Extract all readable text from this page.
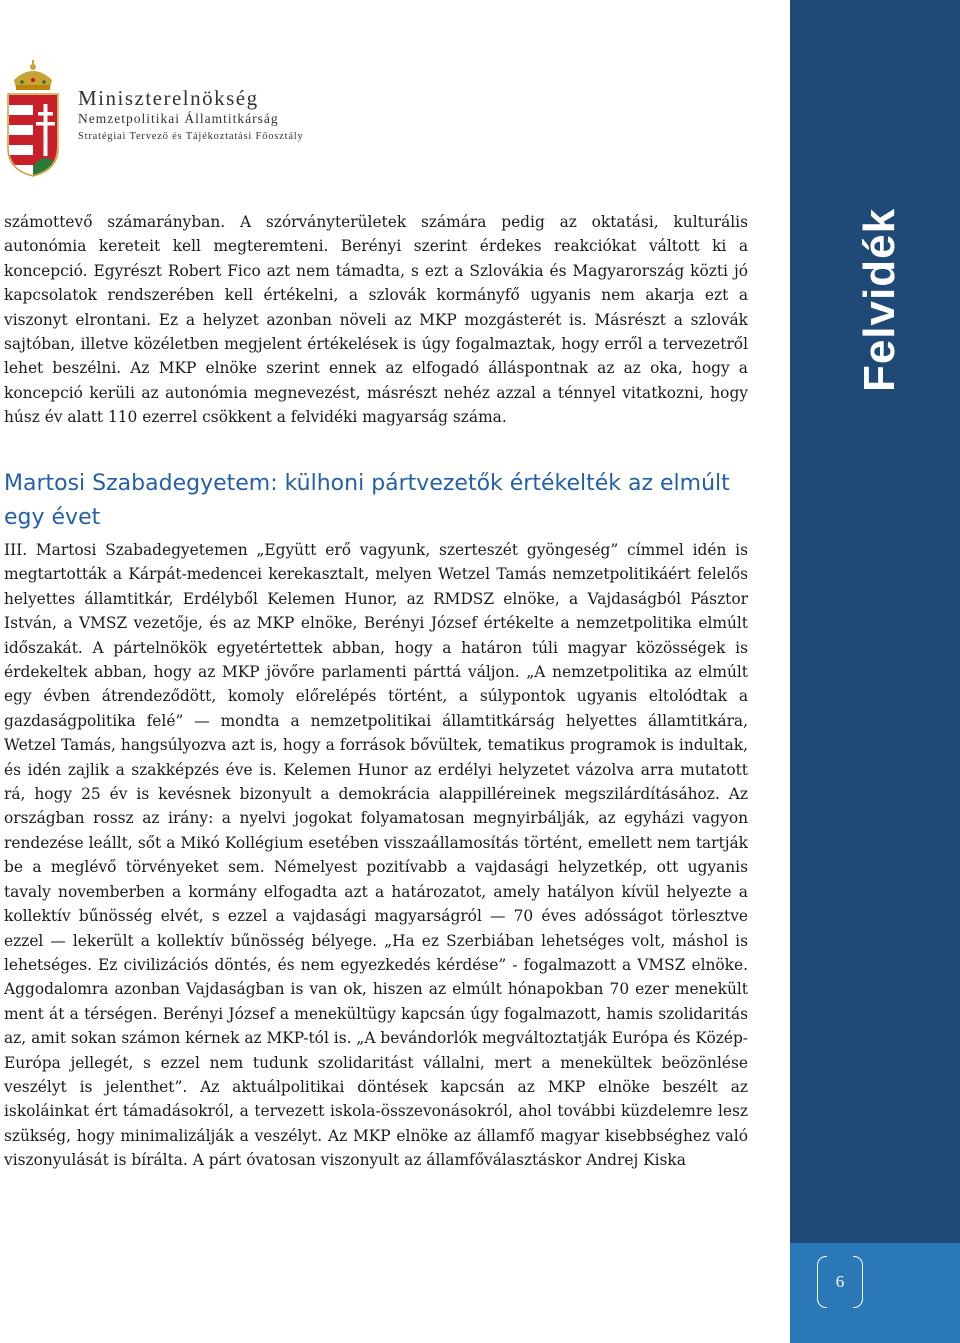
Felvidék
6
Miniszterelnökség
Nemzetpolitikai Államtitkárság
Stratégiai Tervező és Tájékoztatási Főosztály

számottevő számarányban. A szórványterületek számára pedig az oktatási, kulturális autonómia kereteit kell megteremteni. Berényi szerint érdekes reakciókat váltott ki a koncepció. Egyrészt Robert Fico azt nem támadta, s ezt a Szlovákia és Magyarország közti jó kapcsolatok rendszerében kell értékelni, a szlovák kormányfő ugyanis nem akarja ezt a viszonyt elrontani. Ez a helyzet azonban növeli az MKP mozgásterét is. Másrészt a szlovák sajtóban, illetve közéletben megjelent értékelések is úgy fogalmaztak, hogy erről a tervezetről lehet beszélni. Az MKP elnöke szerint ennek az elfogadó álláspontnak az az oka, hogy a koncepció kerüli az autonómia megnevezést, másrészt nehéz azzal a ténnyel vitatkozni, hogy húsz év alatt 110 ezerrel csökkent a felvidéki magyarság száma.

Martosi Szabadegyetem: külhoni pártvezetők értékelték az elmúlt egy évet

III. Martosi Szabadegyetemen „Együtt erő vagyunk, szerteszét gyöngeség” címmel idén is megtartották a Kárpát-medencei kerekasztalt, melyen Wetzel Tamás nemzetpolitikáért felelős helyettes államtitkár, Erdélyből Kelemen Hunor, az RMDSZ elnöke, a Vajdaságból Pásztor István, a VMSZ vezetője, és az MKP elnöke, Berényi József értékelte a nemzetpolitika elmúlt időszakát. A pártelnökök egyetértettek abban, hogy a határon túli magyar közösségek is érdekeltek abban, hogy az MKP jövőre parlamenti párttá váljon. „A nemzetpolitika az elmúlt egy évben átrendeződött, komoly előrelépés történt, a súlypontok ugyanis eltolódtak a gazdaságpolitika felé” — mondta a nemzetpolitikai államtitkárság helyettes államtitkára, Wetzel Tamás, hangsúlyozva azt is, hogy a források bővültek, tematikus programok is indultak, és idén zajlik a szakképzés éve is. Kelemen Hunor az erdélyi helyzetet vázolva arra mutatott rá, hogy 25 év is kevésnek bizonyult a demokrácia alappilléreinek megszilárdításához. Az országban rossz az irány: a nyelvi jogokat folyamatosan megnyirbálják, az egyházi vagyon rendezése leállt, sőt a Mikó Kollégium esetében visszaállamosítás történt, emellett nem tartják be a meglévő törvényeket sem. Némelyest pozitívabb a vajdasági helyzetkép, ott ugyanis tavaly novemberben a kormány elfogadta azt a határozatot, amely hatályon kívül helyezte a kollektív bűnösség elvét, s ezzel a vajdasági magyarságról — 70 éves adósságot törlesztve ezzel — lekerült a kollektív bűnösség bélyege. „Ha ez Szerbiában lehetséges volt, máshol is lehetséges. Ez civilizációs döntés, és nem egyezkedés kérdése” - fogalmazott a VMSZ elnöke. Aggodalomra azonban Vajdaságban is van ok, hiszen az elmúlt hónapokban 70 ezer menekült ment át a térségen. Berényi József a menekültügy kapcsán úgy fogalmazott, hamis szolidaritás az, amit sokan számon kérnek az MKP-tól is. „A bevándorlók megváltoztatják Európa és Közép-Európa jellegét, s ezzel nem tudunk szolidaritást vállalni, mert a menekültek beözönlése veszélyt is jelenthet”. Az aktuálpolitikai döntések kapcsán az MKP elnöke beszélt az iskoláinkat ért támadásokról, a tervezett iskola-összevonásokról, ahol további küzdelemre lesz szükség, hogy minimalizálják a veszélyt. Az MKP elnöke az államfő magyar kisebbséghez való viszonyulását is bírálta. A párt óvatosan viszonyult az államfőválasztáskor Andrej Kiska
